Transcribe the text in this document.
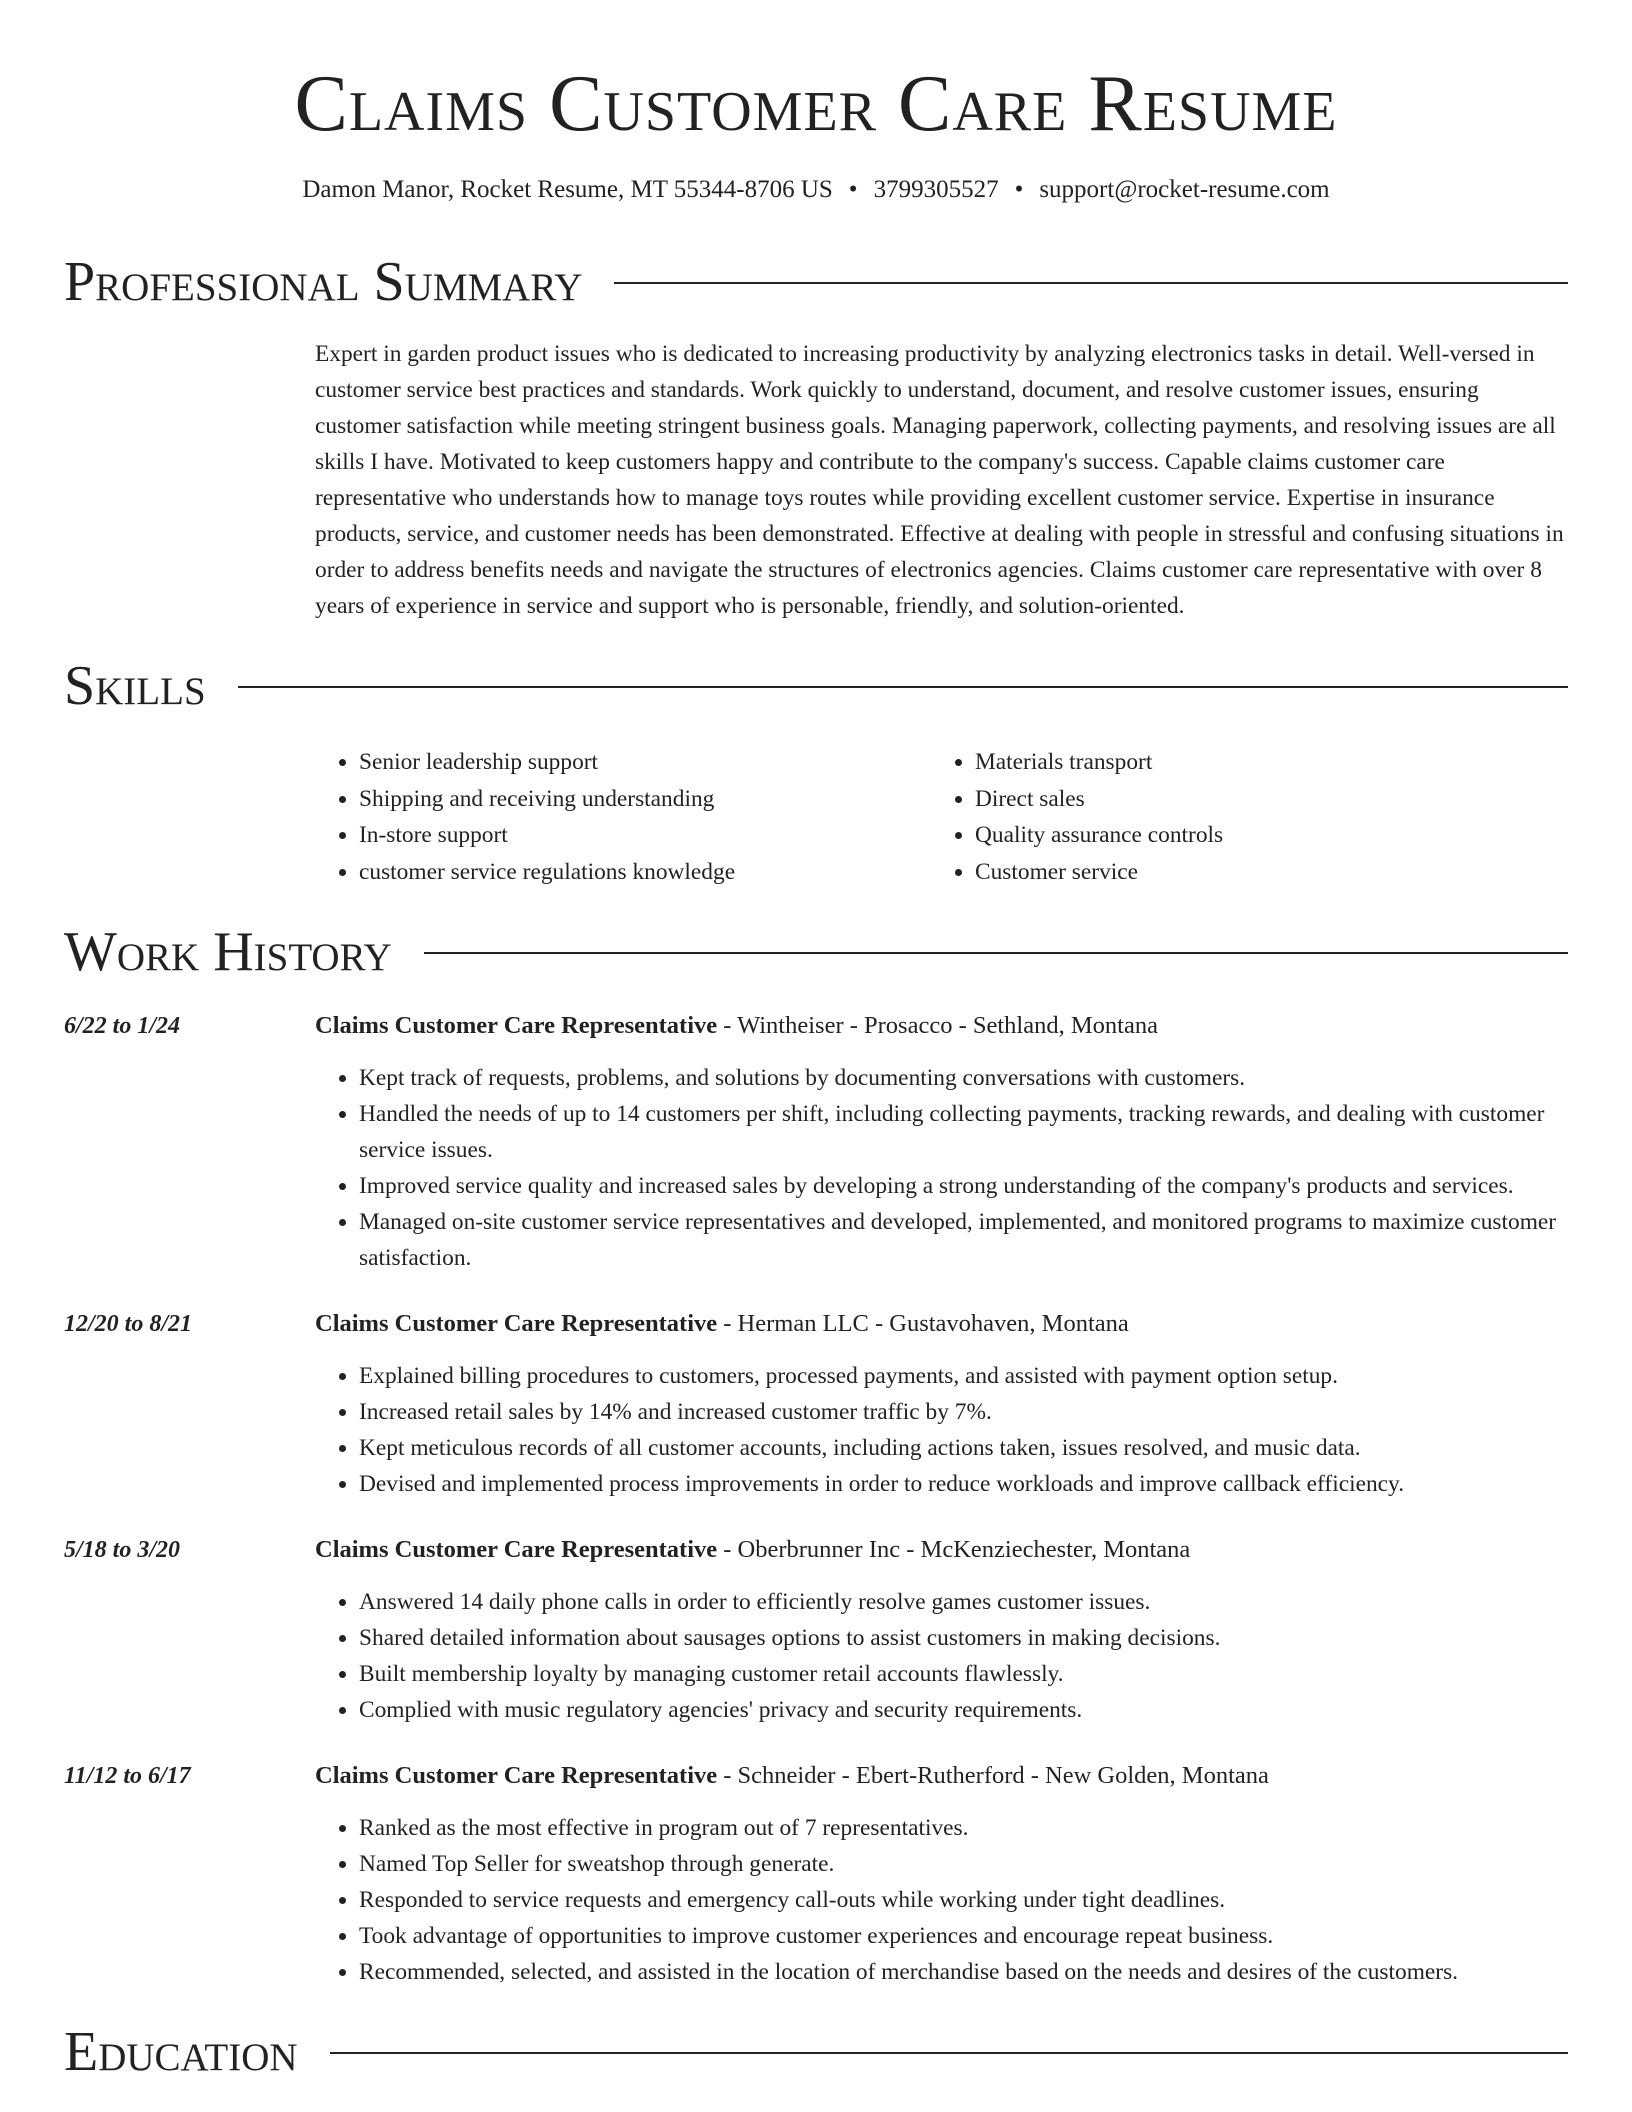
Claims Customer Care Resume
Damon Manor, Rocket Resume, MT 55344-8706 US • 3799305527 • support@rocket-resume.com
Professional Summary

Expert in garden product issues who is dedicated to increasing productivity by analyzing electronics tasks in detail. Well-versed in customer service best practices and standards. Work quickly to understand, document, and resolve customer issues, ensuring customer satisfaction while meeting stringent business goals. Managing paperwork, collecting payments, and resolving issues are all skills I have. Motivated to keep customers happy and contribute to the company's success. Capable claims customer care representative who understands how to manage toys routes while providing excellent customer service. Expertise in insurance products, service, and customer needs has been demonstrated. Effective at dealing with people in stressful and confusing situations in order to address benefits needs and navigate the structures of electronics agencies. Claims customer care representative with over 8 years of experience in service and support who is personable, friendly, and solution-oriented.

Skills
• Senior leadership support
• Shipping and receiving understanding
• In-store support
• customer service regulations knowledge
• Materials transport
• Direct sales
• Quality assurance controls
• Customer service
Work History
6/22 to 1/24	Claims Customer Care Representative - Wintheiser - Prosacco - Sethland, Montana
• Kept track of requests, problems, and solutions by documenting conversations with customers.
• Handled the needs of up to 14 customers per shift, including collecting payments, tracking rewards, and dealing with customer service issues.
• Improved service quality and increased sales by developing a strong understanding of the company's products and services.
• Managed on-site customer service representatives and developed, implemented, and monitored programs to maximize customer satisfaction.
12/20 to 8/21	Claims Customer Care Representative - Herman LLC - Gustavohaven, Montana
• Explained billing procedures to customers, processed payments, and assisted with payment option setup.
• Increased retail sales by 14% and increased customer traffic by 7%.
• Kept meticulous records of all customer accounts, including actions taken, issues resolved, and music data.
• Devised and implemented process improvements in order to reduce workloads and improve callback efficiency.
5/18 to 3/20	Claims Customer Care Representative - Oberbrunner Inc - McKenziechester, Montana
• Answered 14 daily phone calls in order to efficiently resolve games customer issues.
• Shared detailed information about sausages options to assist customers in making decisions.
• Built membership loyalty by managing customer retail accounts flawlessly.
• Complied with music regulatory agencies' privacy and security requirements.
11/12 to 6/17	Claims Customer Care Representative - Schneider - Ebert-Rutherford - New Golden, Montana
• Ranked as the most effective in program out of 7 representatives.
• Named Top Seller for sweatshop through generate.
• Responded to service requests and emergency call-outs while working under tight deadlines.
• Took advantage of opportunities to improve customer experiences and encourage repeat business.
• Recommended, selected, and assisted in the location of merchandise based on the needs and desires of the customers.
Education
